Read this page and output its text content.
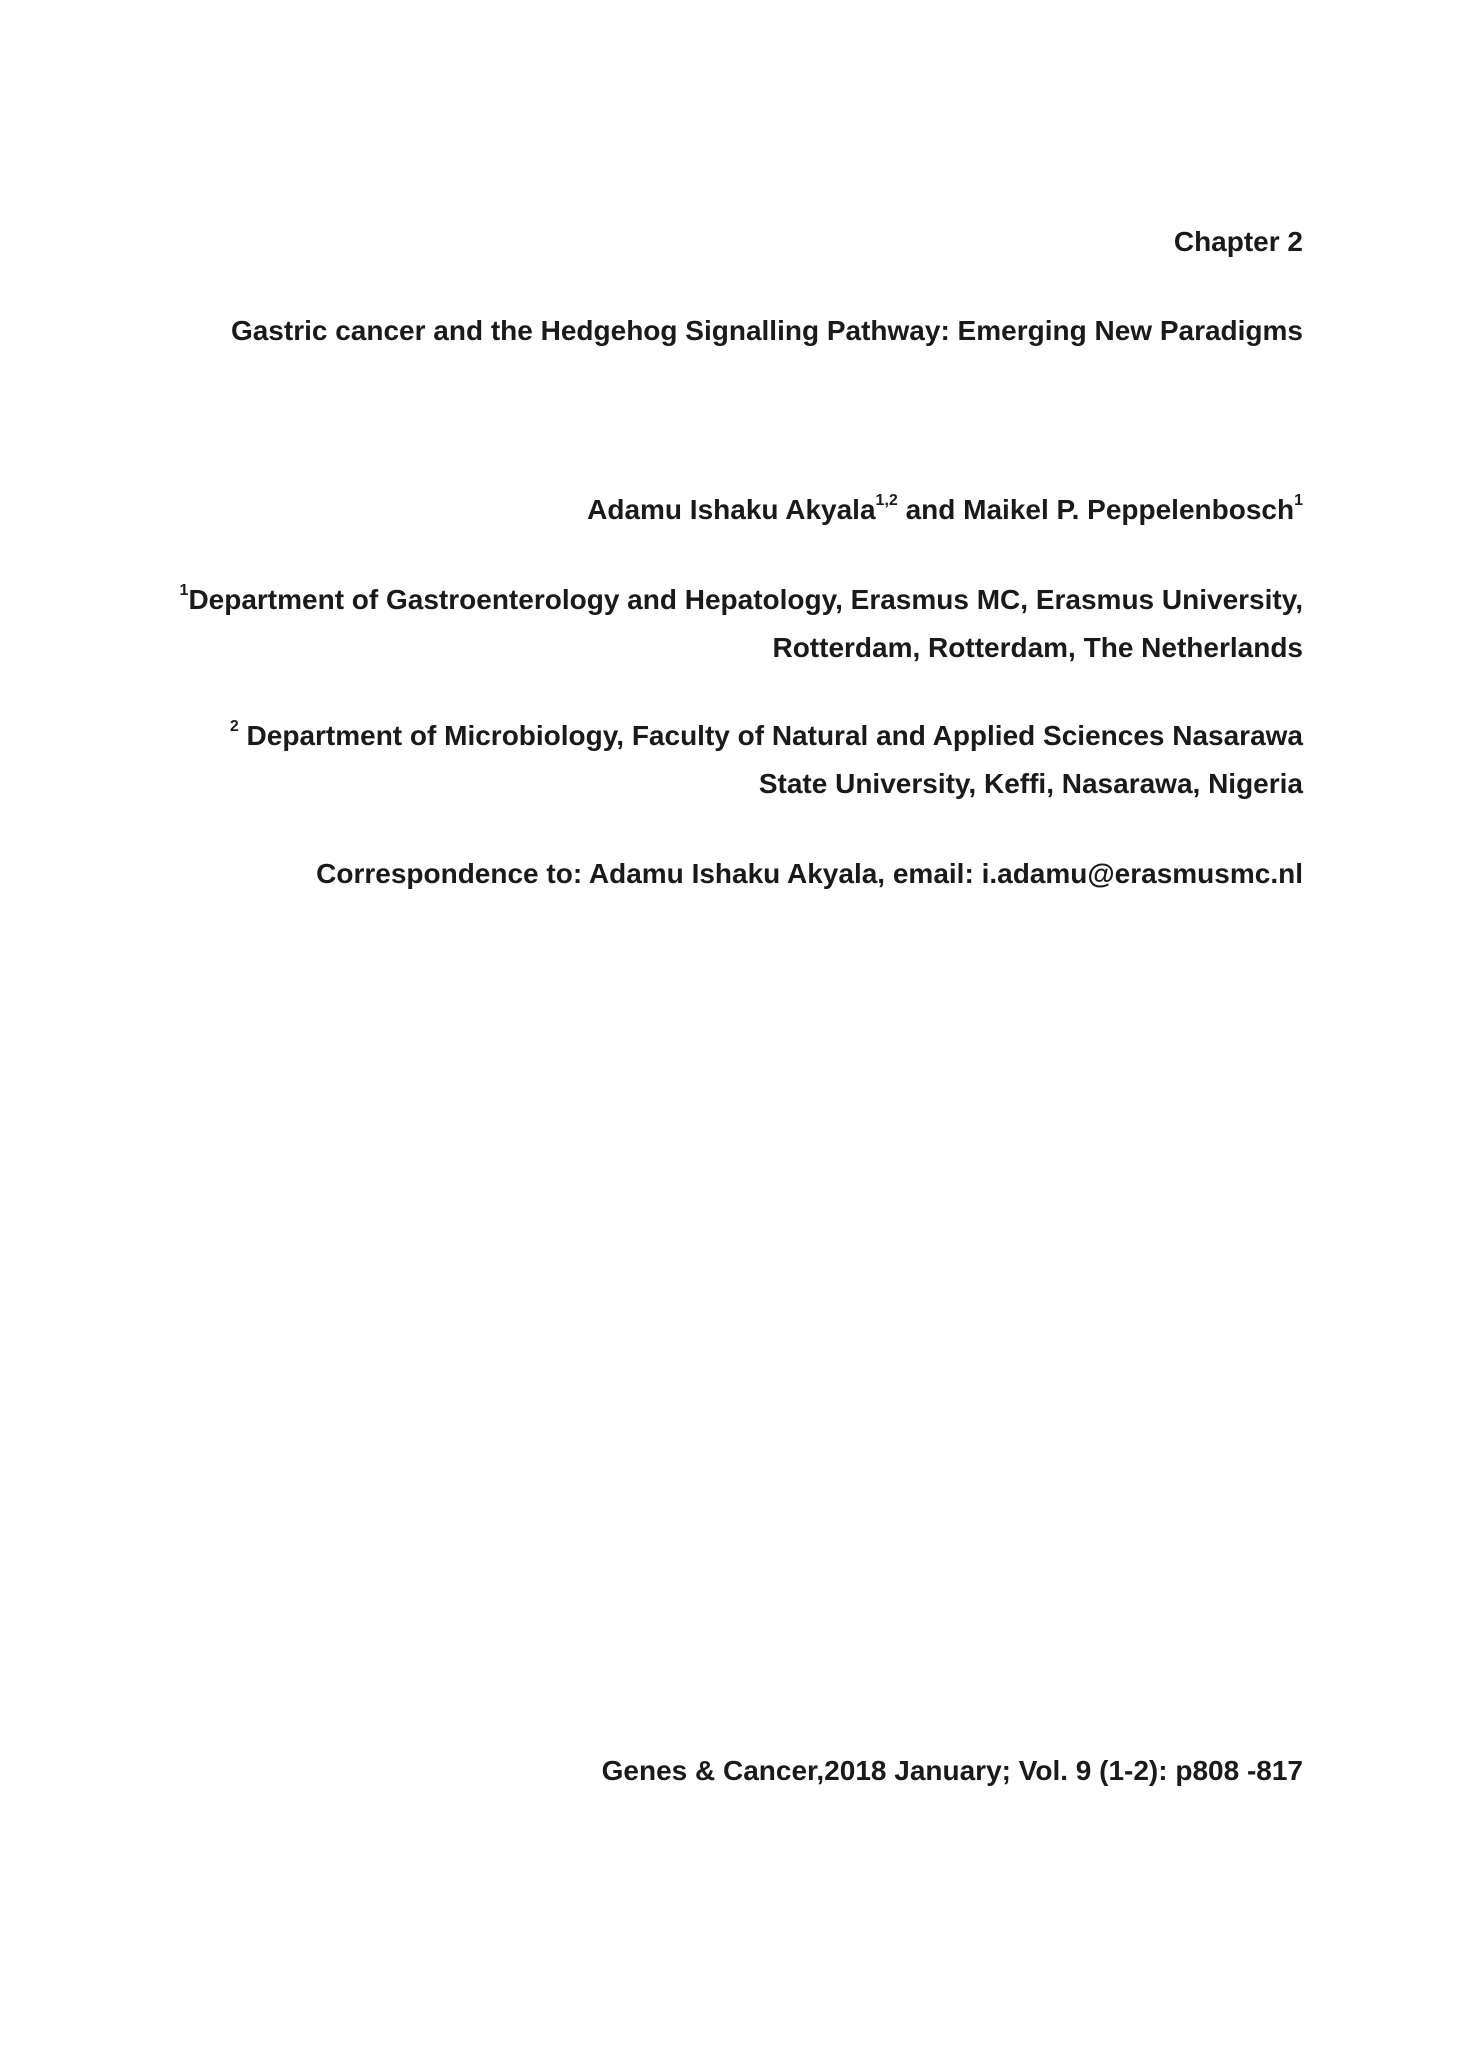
Chapter 2
Gastric cancer and the Hedgehog Signalling Pathway: Emerging New Paradigms
Adamu Ishaku Akyala$^{1,2}$ and Maikel P. Peppelenbosch$^1$
$^1$Department of Gastroenterology and Hepatology, Erasmus MC, Erasmus University,
Rotterdam, Rotterdam, The Netherlands
$^2$ Department of Microbiology, Faculty of Natural and Applied Sciences Nasarawa
State University, Keffi, Nasarawa, Nigeria
Correspondence to: Adamu Ishaku Akyala, email: i.adamu@erasmusmc.nl
Genes & Cancer,2018 January; Vol. 9 (1-2): p808 -817
